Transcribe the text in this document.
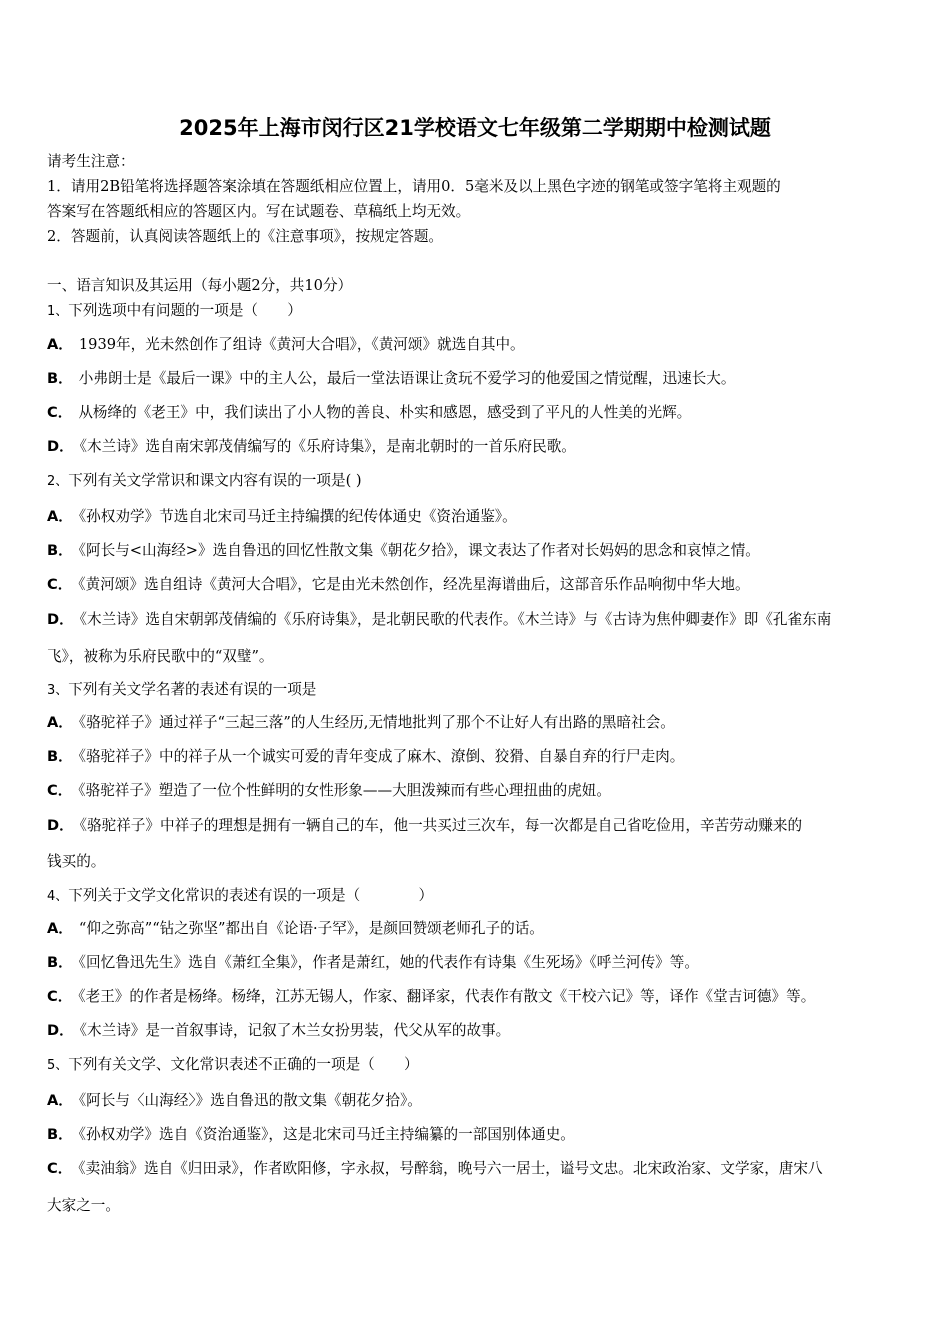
2025年上海市闵行区21学校语文七年级第二学期期中检测试题
请考生注意：
1．请用2B铅笔将选择题答案涂填在答题纸相应位置上，请用0．5毫米及以上黑色字迹的钢笔或签字笔将主观题的
答案写在答题纸相应的答题区内。写在试题卷、草稿纸上均无效。
2．答题前，认真阅读答题纸上的《注意事项》，按规定答题。
一、语言知识及其运用（每小题2分，共10分）
1、下列选项中有问题的一项是（　　）
A． 1939年，光未然创作了组诗《黄河大合唱》，《黄河颂》就选自其中。
B． 小弗朗士是《最后一课》中的主人公，最后一堂法语课让贪玩不爱学习的他爱国之情觉醒，迅速长大。
C． 从杨绛的《老王》中，我们读出了小人物的善良、朴实和感恩，感受到了平凡的人性美的光辉。
D． 《木兰诗》选自南宋郭茂倩编写的《乐府诗集》，是南北朝时的一首乐府民歌。
2、下列有关文学常识和课文内容有误的一项是( )
A． 《孙权劝学》节选自北宋司马迁主持编撰的纪传体通史《资治通鉴》。
B． 《阿长与<山海经>》选自鲁迅的回忆性散文集《朝花夕拾》，课文表达了作者对长妈妈的思念和哀悼之情。
C． 《黄河颂》选自组诗《黄河大合唱》，它是由光未然创作，经冼星海谱曲后，这部音乐作品响彻中华大地。
D． 《木兰诗》选自宋朝郭茂倩编的《乐府诗集》，是北朝民歌的代表作。《木兰诗》与《古诗为焦仲卿妻作》即《孔雀东南
飞》，被称为乐府民歌中的“双璧”。
3、下列有关文学名著的表述有误的一项是
A． 《骆驼祥子》通过祥子“三起三落”的人生经历,无情地批判了那个不让好人有出路的黑暗社会。
B． 《骆驼祥子》中的祥子从一个诚实可爱的青年变成了麻木、潦倒、狡猾、自暴自弃的行尸走肉。
C． 《骆驼祥子》塑造了一位个性鲜明的女性形象——大胆泼辣而有些心理扭曲的虎妞。
D． 《骆驼祥子》中祥子的理想是拥有一辆自己的车，他一共买过三次车，每一次都是自己省吃俭用，辛苦劳动赚来的
钱买的。
4、下列关于文学文化常识的表述有误的一项是（　　　　）
A． “仰之弥高”“钻之弥坚”都出自《论语·子罕》，是颜回赞颂老师孔子的话。
B． 《回忆鲁迅先生》选自《萧红全集》，作者是萧红，她的代表作有诗集《生死场》《呼兰河传》等。
C． 《老王》的作者是杨绛。杨绛，江苏无锡人，作家、翻译家，代表作有散文《干校六记》等，译作《堂吉诃德》等。
D． 《木兰诗》是一首叙事诗，记叙了木兰女扮男装，代父从军的故事。
5、下列有关文学、文化常识表述不正确的一项是（　　）
A． 《阿长与〈山海经〉》选自鲁迅的散文集《朝花夕拾》。
B． 《孙权劝学》选自《资治通鉴》，这是北宋司马迁主持编纂的一部国别体通史。
C． 《卖油翁》选自《归田录》，作者欧阳修，字永叔，号醉翁，晚号六一居士，谥号文忠。北宋政治家、文学家，唐宋八
大家之一。
